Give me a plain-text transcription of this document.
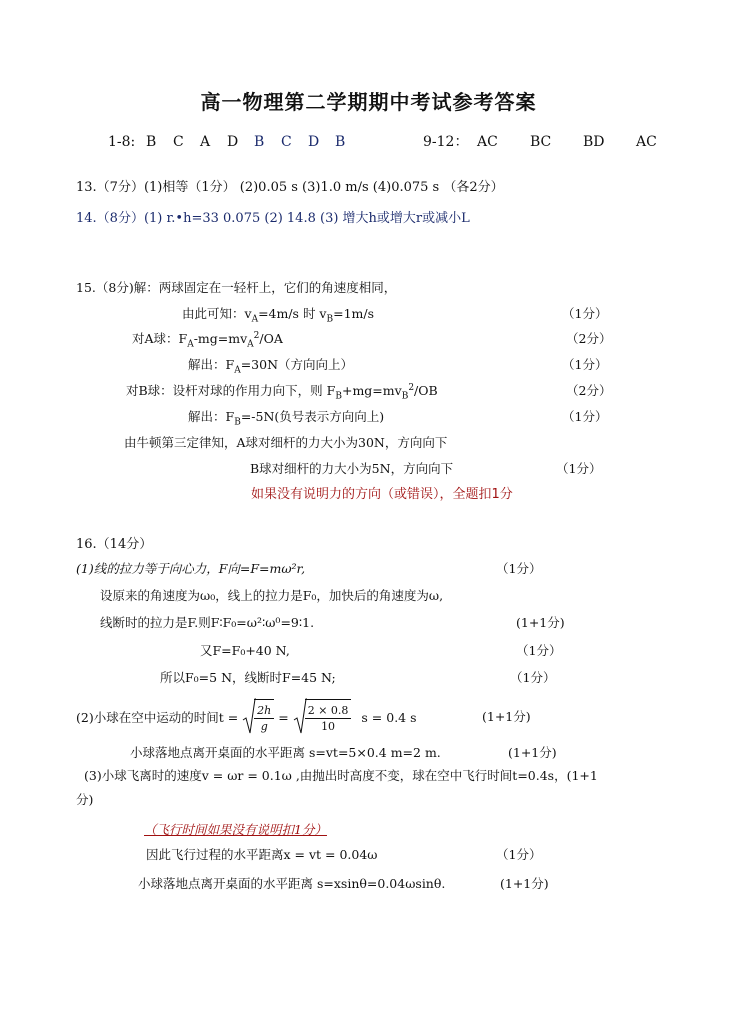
高一物理第二学期期中考试参考答案
1-8: B C A D B C D B	9-12： AC BC BD AC
13.（7分）(1)相等（1分） (2)0.05 s (3)1.0 m/s (4)0.075 s （各2分）
14.（8分）(1) r.•h=33 0.075 (2) 14.8 (3) 增大h或增大r或减小L
15.（8分)解：两球固定在一轻杆上，它们的角速度相同，
由此可知：$v_A=4m/s$ 时 $v_B=1m/s$	（1分）
对A球：$F_A-mg=mv_A^2/OA$	（2分）
解出：$F_A=30N$（方向向上）	（1分）
对B球：设杆对球的作用力向下，则 $F_B+mg=mv_B^2/OB$	（2分）
解出：$F_B=-5N$(负号表示方向向上)	（1分）
由牛顿第三定律知，A球对细杆的力大小为30N，方向向下
B球对细杆的力大小为5N，方向向下	（1分）
如果没有说明力的方向（或错误），全题扣1分
16.（14分）
(1)线的拉力等于向心力，F向=F=mω²r,	（1分）
设原来的角速度为ω₀，线上的拉力是F₀，加快后的角速度为ω,
线断时的拉力是F.则F∶F₀=ω²∶ω⁰=9∶1.	(1+1分)
又F=F₀+40 N,	（1分）
所以F₀=5 N，线断时F=45 N;	（1分）
(2)小球在空中运动的时间$t = \frac{2h}{g} = \frac{2 \times 0.8}{10}$ s = 0.4 s	(1+1分)
小球落地点离开桌面的水平距离 s=vt=5×0.4 m=2 m.	(1+1分)
(3)小球飞离时的速度v = ωr = 0.1ω ,由抛出时高度不变，球在空中飞行时间t=0.4s，(1+1
分)
（飞行时间如果没有说明扣1分）
因此飞行过程的水平距离x = vt = 0.04ω	（1分）
小球落地点离开桌面的水平距离 s=xsinθ=0.04ωsinθ.	(1+1分)
